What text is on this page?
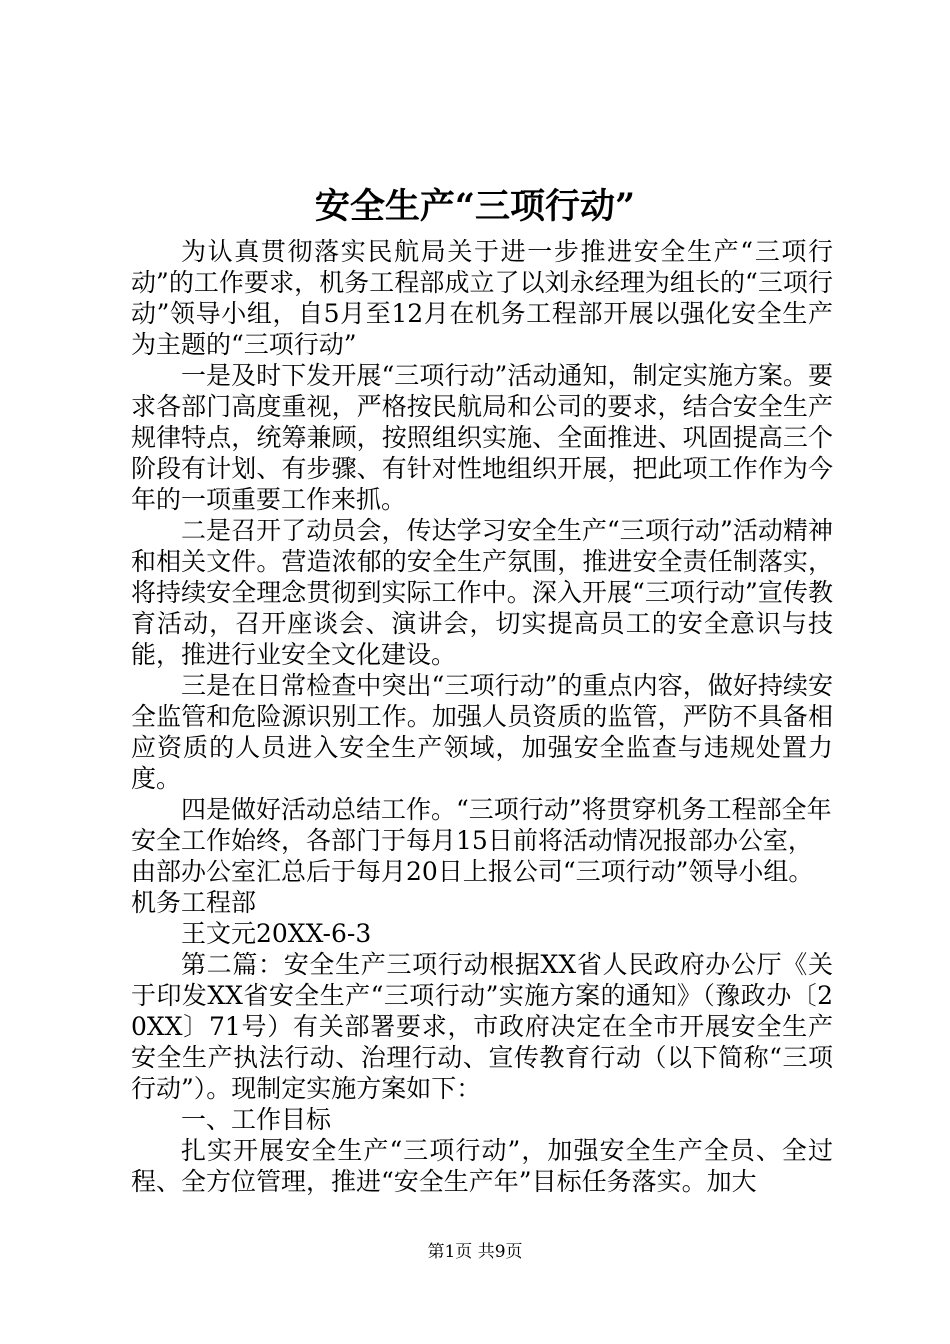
安全生产“三项行动”

为认真贯彻落实民航局关于进一步推进安全生产“三项行动”的工作要求，机务工程部成立了以刘永经理为组长的“三项行动”领导小组，自5月至12月在机务工程部开展以强化安全生产为主题的“三项行动”

一是及时下发开展“三项行动”活动通知，制定实施方案。要求各部门高度重视，严格按民航局和公司的要求，结合安全生产规律特点，统筹兼顾，按照组织实施、全面推进、巩固提高三个阶段有计划、有步骤、有针对性地组织开展，把此项工作作为今年的一项重要工作来抓。

二是召开了动员会，传达学习安全生产“三项行动”活动精神和相关文件。营造浓郁的安全生产氛围，推进安全责任制落实，将持续安全理念贯彻到实际工作中。深入开展“三项行动”宣传教育活动，召开座谈会、演讲会，切实提高员工的安全意识与技能，推进行业安全文化建设。

三是在日常检查中突出“三项行动”的重点内容，做好持续安全监管和危险源识别工作。加强人员资质的监管，严防不具备相应资质的人员进入安全生产领域，加强安全监查与违规处置力度。

四是做好活动总结工作。“三项行动”将贯穿机务工程部全年安全工作始终，各部门于每月15日前将活动情况报部办公室，由部办公室汇总后于每月20日上报公司“三项行动”领导小组。机务工程部

王文元20XX-6-3

第二篇：安全生产三项行动根据XX省人民政府办公厅《关于印发XX省安全生产“三项行动”实施方案的通知》（豫政办〔20XX〕71号）有关部署要求，市政府决定在全市开展安全生产安全生产执法行动、治理行动、宣传教育行动（以下简称“三项行动”）。现制定实施方案如下：

一、工作目标

扎实开展安全生产“三项行动”，加强安全生产全员、全过程、全方位管理，推进“安全生产年”目标任务落实。加大

第1页 共9页
